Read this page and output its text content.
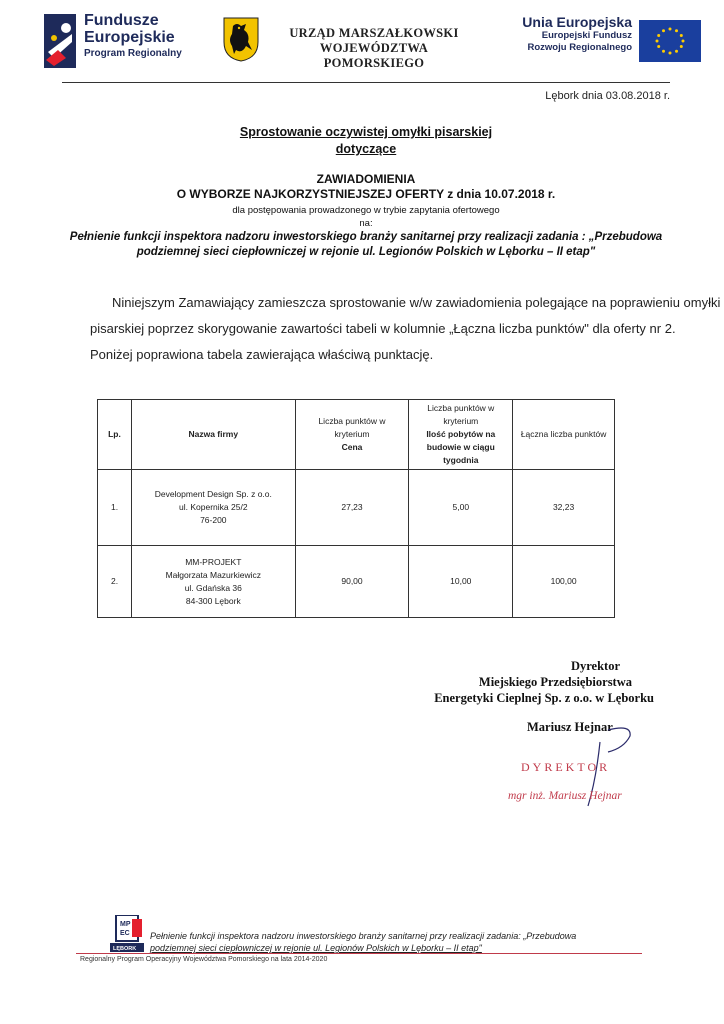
Fundusze
Europejskie
Program Regionalny
URZĄD MARSZAŁKOWSKI
WOJEWÓDZTWA POMORSKIEGO
Unia Europejska
Europejski Fundusz
Rozwoju Regionalnego
Lębork dnia 03.08.2018 r.
Sprostowanie oczywistej omyłki pisarskiej
dotyczące
ZAWIADOMIENIA
O WYBORZE NAJKORZYSTNIEJSZEJ OFERTY z dnia 10.07.2018 r.
dla postępowania prowadzonego w trybie zapytania ofertowego
na:
Pełnienie funkcji inspektora nadzoru inwestorskiego branży sanitarnej przy realizacji zadania : „Przebudowa
podziemnej sieci ciepłowniczej w rejonie ul. Legionów Polskich w Lęborku – II etap"
Niniejszym Zamawiający zamieszcza sprostowanie w/w zawiadomienia polegające na poprawieniu omyłki
pisarskiej poprzez skorygowanie zawartości tabeli w kolumnie „Łączna liczba punktów" dla oferty nr 2.
Poniżej poprawiona tabela zawierająca właściwą punktację.
Lp.	Nazwa firmy	Liczba punktów w
kryterium
Cena	Liczba punktów w kryterium
Ilość pobytów na
budowie w ciągu
tygodnia	Łączna liczba punktów

1.	Development Design Sp. z o.o.
ul. Kopernika 25/2
76-200	27,23	5,00	32,23
2.	MM-PROJEKT
Małgorzata Mazurkiewicz
ul. Gdańska 36
84-300 Lębork	90,00	10,00	100,00
Dyrektor
Miejskiego Przedsiębiorstwa
Energetyki Cieplnej Sp. z o.o. w Lęborku
Mariusz Hejnar
DYREKTOR
mgr inż. Mariusz Hejnar
MP
EC
LĘBORK
Pełnienie funkcji inspektora nadzoru inwestorskiego branży sanitarnej przy realizacji zadania: „Przebudowa
podziemnej sieci ciepłowniczej w rejonie ul. Legionów Polskich w Lęborku – II etap"
Regionalny Program Operacyjny Województwa Pomorskiego na lata 2014-2020
